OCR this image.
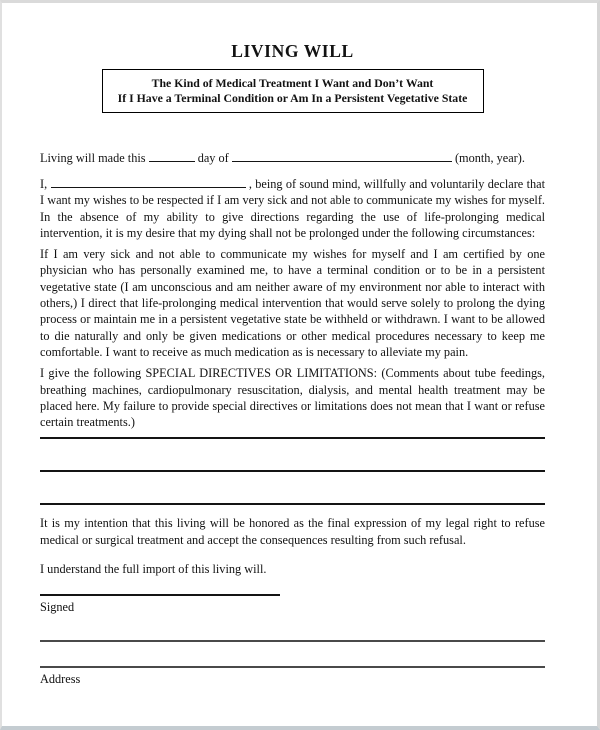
LIVING WILL
The Kind of Medical Treatment I Want and Don’t Want
If I Have a Terminal Condition or Am In a Persistent Vegetative State

Living will made this	day of	(month, year).

I,	, being of sound mind, willfully and voluntarily declare that I want my wishes to be respected if I am very sick and not able to communicate my wishes for myself. In the absence of my ability to give directions regarding the use of life-prolonging medical intervention, it is my desire that my dying shall not be prolonged under the following circumstances:

If I am very sick and not able to communicate my wishes for myself and I am certified by one physician who has personally examined me, to have a terminal condition or to be in a persistent vegetative state (I am unconscious and am neither aware of my environment nor able to interact with others,) I direct that life-prolonging medical intervention that would serve solely to prolong the dying process or maintain me in a persistent vegetative state be withheld or withdrawn. I want to be allowed to die naturally and only be given medications or other medical procedures necessary to keep me comfortable. I want to receive as much medication as is necessary to alleviate my pain.

I give the following SPECIAL DIRECTIVES OR LIMITATIONS: (Comments about tube feedings, breathing machines, cardiopulmonary resuscitation, dialysis, and mental health treatment may be placed here. My failure to provide special directives or limitations does not mean that I want or refuse certain treatments.)

It is my intention that this living will be honored as the final expression of my legal right to refuse medical or surgical treatment and accept the consequences resulting from such refusal.

I understand the full import of this living will.

Signed
Address
